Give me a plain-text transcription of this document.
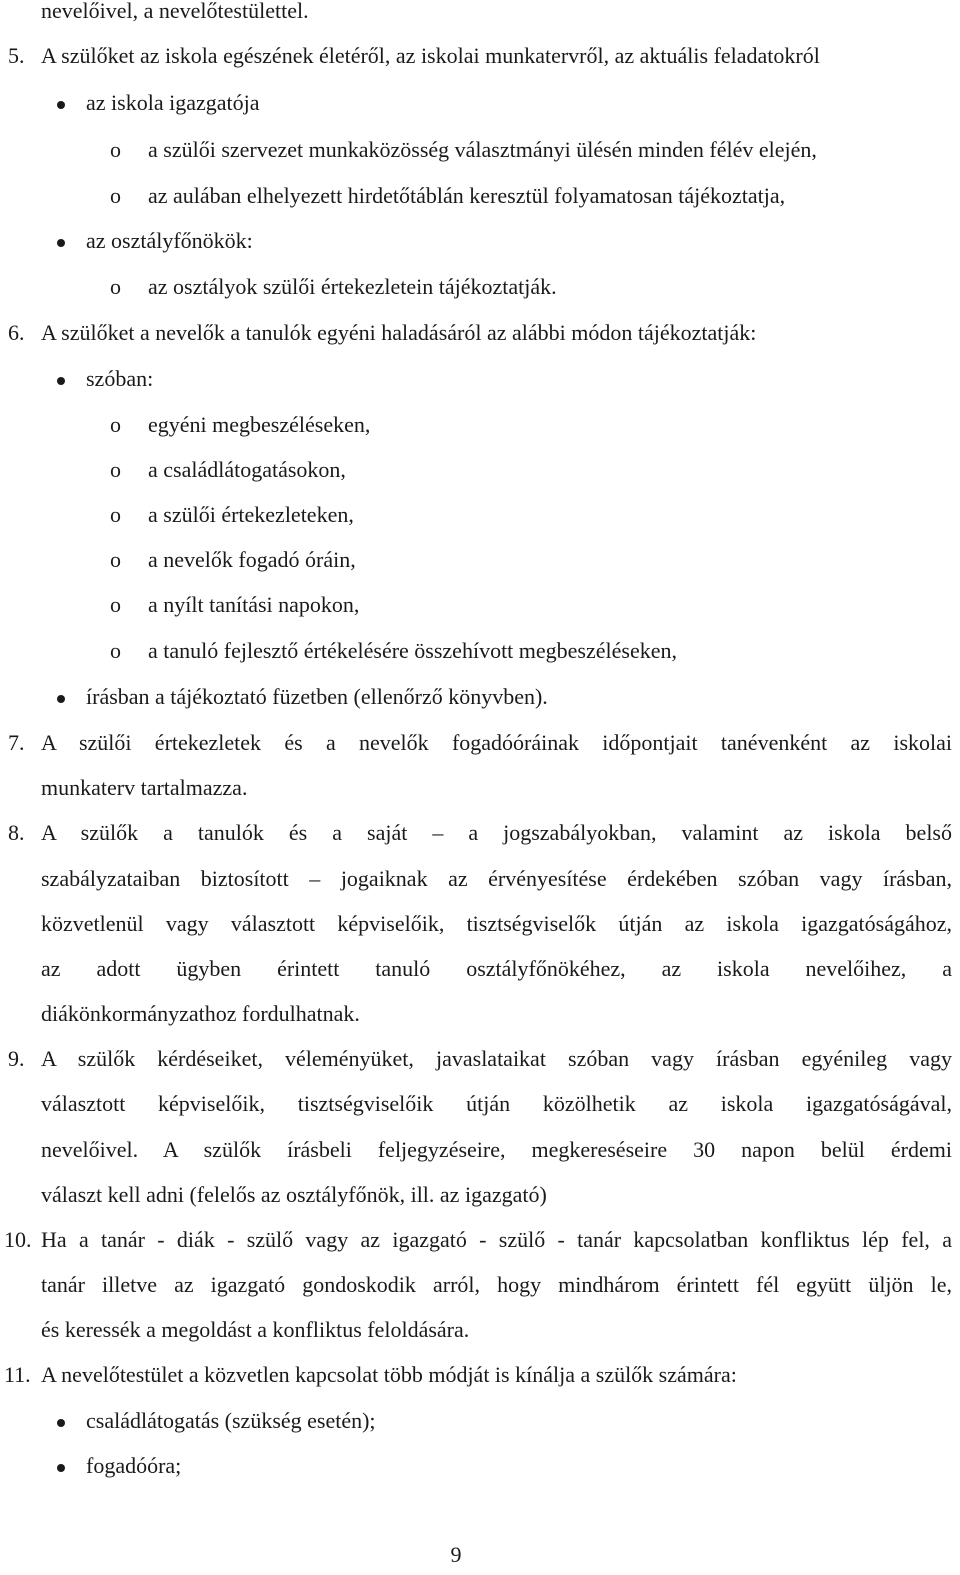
nevelőivel, a nevelőtestülettel.
5. A szülőket az iskola egészének életéről, az iskolai munkatervről, az aktuális feladatokról
az iskola igazgatója
o a szülői szervezet munkaközösség választmányi ülésén minden félév elején,
o az aulában elhelyezett hirdetőtáblán keresztül folyamatosan tájékoztatja,
az osztályfőnökök:
o az osztályok szülői értekezletein tájékoztatják.
6. A szülőket a nevelők a tanulók egyéni haladásáról az alábbi módon tájékoztatják:
szóban:
o egyéni megbeszéléseken,
o a családlátogatásokon,
o a szülői értekezleteken,
o a nevelők fogadó óráin,
o a nyílt tanítási napokon,
o a tanuló fejlesztő értékelésére összehívott megbeszéléseken,
írásban a tájékoztató füzetben (ellenőrző könyvben).
7. A szülői értekezletek és a nevelők fogadóóráinak időpontjait tanévenként az iskolai
munkaterv tartalmazza.
8. A szülők a tanulók és a saját – a jogszabályokban, valamint az iskola belső
szabályzataiban biztosított – jogaiknak az érvényesítése érdekében szóban vagy írásban,
közvetlenül vagy választott képviselőik, tisztségviselők útján az iskola igazgatóságához,
az adott ügyben érintett tanuló osztályfőnökéhez, az iskola nevelőihez, a
diákönkormányzathoz fordulhatnak.
9. A szülők kérdéseiket, véleményüket, javaslataikat szóban vagy írásban egyénileg vagy
választott képviselőik, tisztségviselőik útján közölhetik az iskola igazgatóságával,
nevelőivel. A szülők írásbeli feljegyzéseire, megkereséseire 30 napon belül érdemi
választ kell adni (felelős az osztályfőnök, ill. az igazgató)
10. Ha a tanár - diák - szülő vagy az igazgató - szülő - tanár kapcsolatban konfliktus lép fel, a
tanár illetve az igazgató gondoskodik arról, hogy mindhárom érintett fél együtt üljön le,
és keressék a megoldást a konfliktus feloldására.
11. A nevelőtestület a közvetlen kapcsolat több módját is kínálja a szülők számára:
családlátogatás (szükség esetén);
fogadóóra;
9
